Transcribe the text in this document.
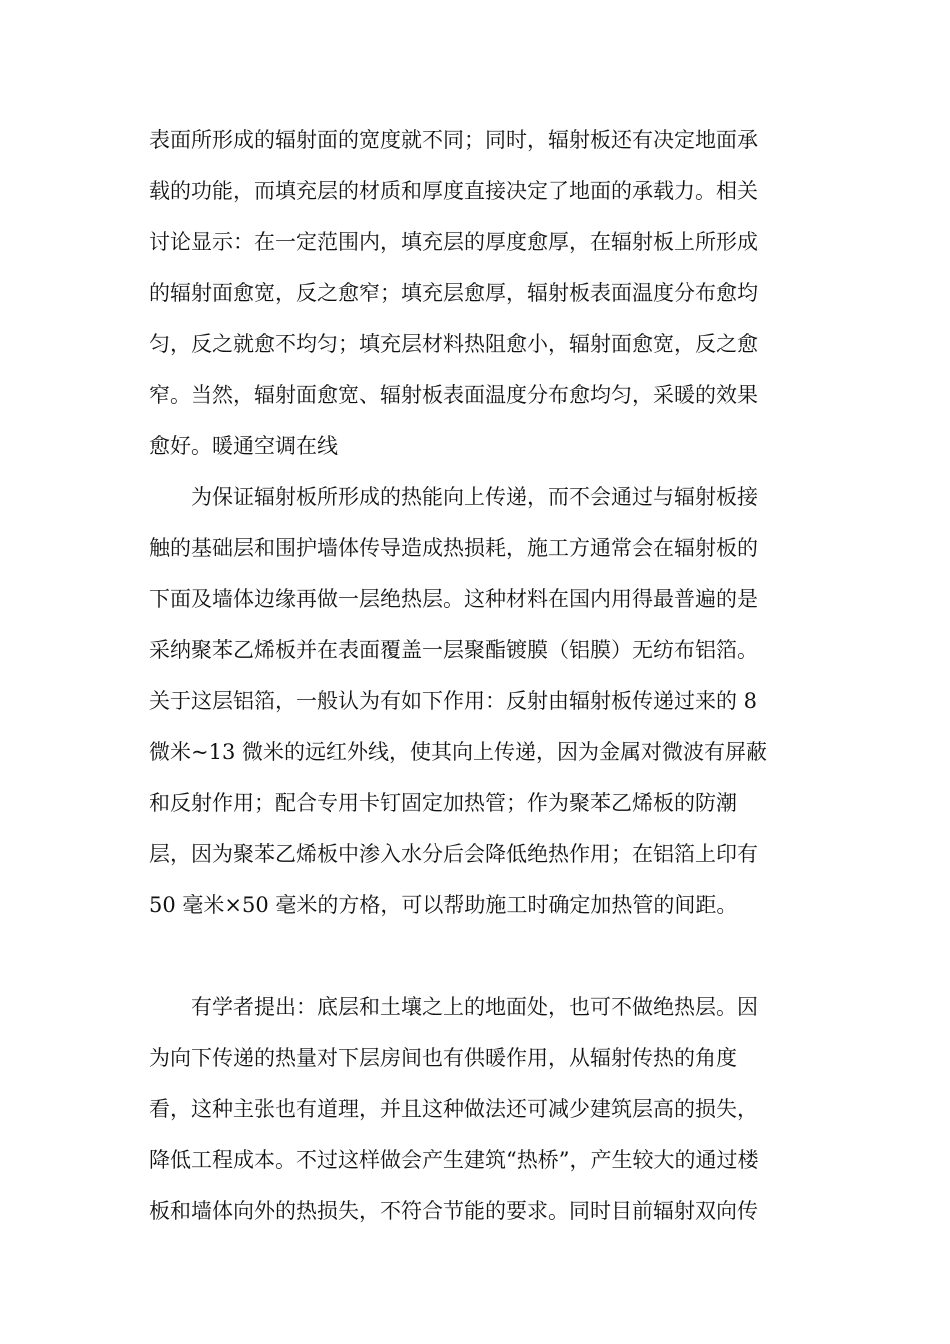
表面所形成的辐射面的宽度就不同；同时，辐射板还有决定地面承
载的功能，而填充层的材质和厚度直接决定了地面的承载力。相关
讨论显示：在一定范围内，填充层的厚度愈厚，在辐射板上所形成
的辐射面愈宽，反之愈窄；填充层愈厚，辐射板表面温度分布愈均
匀，反之就愈不均匀；填充层材料热阻愈小，辐射面愈宽，反之愈
窄。当然，辐射面愈宽、辐射板表面温度分布愈均匀，采暖的效果
愈好。暖通空调在线
为保证辐射板所形成的热能向上传递，而不会通过与辐射板接
触的基础层和围护墙体传导造成热损耗，施工方通常会在辐射板的
下面及墙体边缘再做一层绝热层。这种材料在国内用得最普遍的是
采纳聚苯乙烯板并在表面覆盖一层聚酯镀膜（铝膜）无纺布铝箔。
关于这层铝箔，一般认为有如下作用：反射由辐射板传递过来的 8
微米~13 微米的远红外线，使其向上传递，因为金属对微波有屏蔽
和反射作用；配合专用卡钉固定加热管；作为聚苯乙烯板的防潮
层，因为聚苯乙烯板中渗入水分后会降低绝热作用；在铝箔上印有
50 毫米×50 毫米的方格，可以帮助施工时确定加热管的间距。
有学者提出：底层和土壤之上的地面处，也可不做绝热层。因
为向下传递的热量对下层房间也有供暖作用，从辐射传热的角度
看，这种主张也有道理，并且这种做法还可减少建筑层高的损失，
降低工程成本。不过这样做会产生建筑“热桥”，产生较大的通过楼
板和墙体向外的热损失，不符合节能的要求。同时目前辐射双向传
